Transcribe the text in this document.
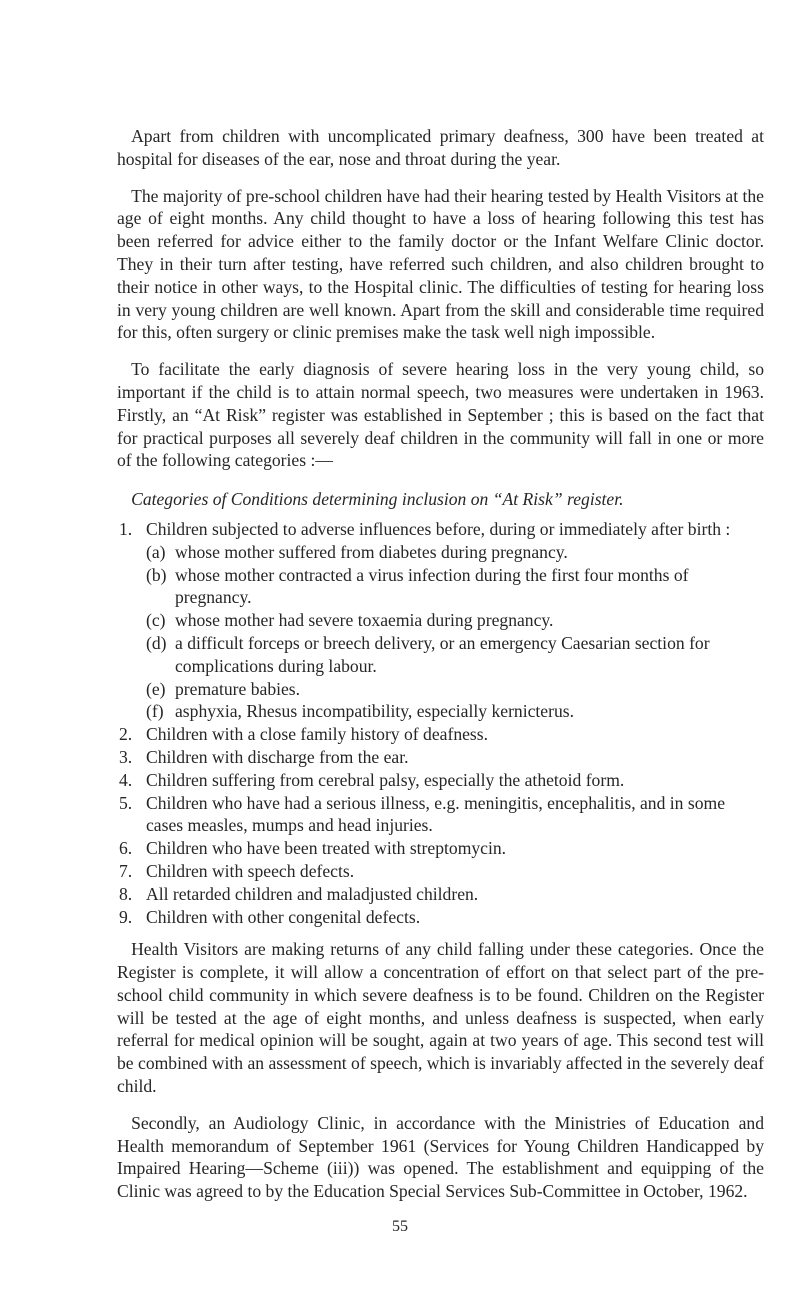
Apart from children with uncomplicated primary deafness, 300 have been treated at hospital for diseases of the ear, nose and throat during the year.

The majority of pre-school children have had their hearing tested by Health Visitors at the age of eight months. Any child thought to have a loss of hearing following this test has been referred for advice either to the family doctor or the Infant Welfare Clinic doctor. They in their turn after testing, have referred such children, and also children brought to their notice in other ways, to the Hospital clinic. The difficulties of testing for hearing loss in very young children are well known. Apart from the skill and considerable time required for this, often surgery or clinic premises make the task well nigh impossible.

To facilitate the early diagnosis of severe hearing loss in the very young child, so important if the child is to attain normal speech, two measures were undertaken in 1963. Firstly, an “At Risk” register was established in September ; this is based on the fact that for practical purposes all severely deaf children in the community will fall in one or more of the following categories :—

Categories of Conditions determining inclusion on “At Risk” register.
1. Children subjected to adverse influences before, during or immediately after birth :
(a) whose mother suffered from diabetes during pregnancy.
(b) whose mother contracted a virus infection during the first four months of pregnancy.
(c) whose mother had severe toxaemia during pregnancy.
(d) a difficult forceps or breech delivery, or an emergency Caesarian section for complications during labour.
(e) premature babies.
(f) asphyxia, Rhesus incompatibility, especially kernicterus.
2. Children with a close family history of deafness.
3. Children with discharge from the ear.
4. Children suffering from cerebral palsy, especially the athetoid form.
5. Children who have had a serious illness, e.g. meningitis, encephalitis, and in some cases measles, mumps and head injuries.
6. Children who have been treated with streptomycin.
7. Children with speech defects.
8. All retarded children and maladjusted children.
9. Children with other congenital defects.

Health Visitors are making returns of any child falling under these categories. Once the Register is complete, it will allow a concentration of effort on that select part of the pre-school child community in which severe deafness is to be found. Children on the Register will be tested at the age of eight months, and unless deafness is suspected, when early referral for medical opinion will be sought, again at two years of age. This second test will be combined with an assessment of speech, which is invariably affected in the severely deaf child.

Secondly, an Audiology Clinic, in accordance with the Ministries of Education and Health memorandum of September 1961 (Services for Young Children Handicapped by Impaired Hearing—Scheme (iii)) was opened. The establishment and equipping of the Clinic was agreed to by the Education Special Services Sub-Committee in October, 1962.

55
